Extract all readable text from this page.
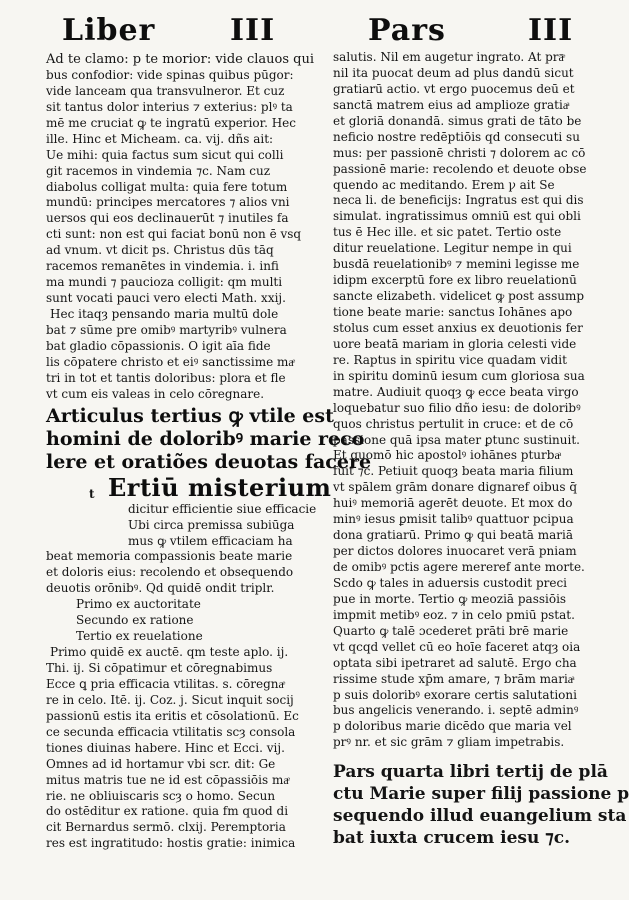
Liber III	Pars	III
Ad te clamo: p te morior: vide clauos qui
bus confodior: vide spinas quibus pūgor:
vide lanceam qua transvulneror. Et cuz
sit tantus dolor interius ⁊ exterius: plꝰ ta
mē me cruciat ꝙ te ingratū experior. Hec
ille. Hinc et Micheam. ca. vij. dñs ait:
Ue mihi: quia factus sum sicut qui colli
git racemos in vindemia ⁊c. Nam cuz
diabolus colligat multa: quia fere totum
mundū: principes mercatores ⁊ alios vni
uersos qui eos declinauerūt ⁊ inutiles fa
cti sunt: non est qui faciat bonū non ē vsq
ad vnum. vt dicit ps. Christus dūs tāq
racemos remanētes in vindemia. i. infi
ma mundi ⁊ paucioza colligit: qm multi
sunt vocati pauci vero electi Math. xxij.
Hec itaqȝ pensando maria multū dole
bat ⁊ sūme pre omibꝰ martyribꝰ vulnera
bat gladio cōpassionis. O igit aīa fide
lis cōpatere christo et eiꝰ sanctissime maͤ
tri in tot et tantis doloribus: plora et fle
vt cum eis valeas in celo cōregnare.
Articulus tertius ꝙ vtile est
homini de doloribꝰ marie reco
lere et oratiões deuotas facere
Ertiū misterium
dicitur efficientie siue efficacie
Ubi circa premissa subiūga
mus ꝙ vtilem efficaciam ha
beat memoria compassionis beate marie
et doloris eius: recolendo et obsequendo
deuotis orōnibꝰ. Qd quidē ondit triplr.
Primo ex auctoritate
Secundo ex ratione
Tertio ex reuelatione
Primo quidē ex auctē. qm teste aplo. ij.
Thi. ij. Si cōpatimur et cōregnabimus
Ecce ꝗ pria efficacia vtilitas. s. cōregnaͤ
re in celo. Itē. ij. Coz. j. Sicut inquit socij
passionū estis ita eritis et cōsolationū. Ec
ce secunda efficacia vtilitatis scȝ consola
tiones diuinas habere. Hinc et Ecci. vij.
Omnes ad id hortamur vbi scr. dit: Ge
mitus matris tue ne id est cōpassiōis maͤ
rie. ne obliuiscaris scȝ o homo. Secun
do ostēditur ex ratione. quia fm quod di
cit Bernardus sermō. clxij. Peremptoria
res est ingratitudo: hostis gratie: inimica
t
salutis. Nil em augetur ingrato. At prāͤ
nil ita puocat deum ad plus dandū sicut
gratiarū actio. vt ergo puocemus deū et
sanctā matrem eius ad amplioze gratiaͣ
et gloriā donandā. simus grati de tāto be
neficio nostre redēptiōis qd consecuti su
mus: per passionē christi ⁊ dolorem ac cō
passionē marie: recolendo et deuote obse
quendo ac meditando. Erem ꝩ ait Se
neca li. de beneficijs: Ingratus est qui dis
simulat. ingratissimus omniū est qui obli
tus ē Hec ille. et sic patet. Tertio oste
ditur reuelatione. Legitur nempe in qui
busdā reuelationibꝰ ⁊ memini legisse me
idipm excerptū fore ex libro reuelationū
sancte elizabeth. videlicet ꝙ post assump
tione beate marie: sanctus Iohānes apo
stolus cum esset anxius ex deuotionis fer
uore beatā mariam in gloria celesti vide
re. Raptus in spiritu vice quadam vidit
in spiritu dominū iesum cum gloriosa sua
matre. Audiuit quoqȝ ꝙ ecce beata virgo
loquebatur suo filio dño iesu: de doloribꝰ
quos christus pertulit in cruce: et de cō
passione quā ipsa mater ꝑtunc sustinuit.
Et quomō hic apostolꝰ iohānes pturbaͣ
fuit ⁊c. Petiuit quoqȝ beata maria filium
vt spālem grām donare dignaref oibus q̄
huiꝰ memoriā agerēt deuote. Et mox do
minꝰ iesus ꝑmisit talibꝰ quattuor pcipua
dona gratiarū. Primo ꝙ qui beatā mariā
per dictos dolores inuocaret verā pniam
de omibꝰ pctis agere mereref ante morte.
Scdo ꝙ tales in aduersis custodit preci
pue in morte. Tertio ꝙ meoziā passiōis
impmit metibꝰ eoz. ⁊ in celo pmiū pstat.
Quarto ꝙ talē ɔcederet prāti brē marie
vt qcqd vellet cū eo hoīe faceret atqȝ oia
optata sibi ipetraret ad salutē. Ergo cha
rissime stude xp̄m amare, ⁊ brām mariaͣ
p suis doloribꝰ exorare certis salutationi
bus angelicis venerando. i. septē adminꝰ
p doloribus marie dicēdo que maria vel
prꝰ nr. et sic grām ⁊ gliam impetrabis.
Pars quarta libri tertij de plā
ctu Marie super filij passione p
sequendo illud euangelium sta
bat iuxta crucem iesu ⁊c.
